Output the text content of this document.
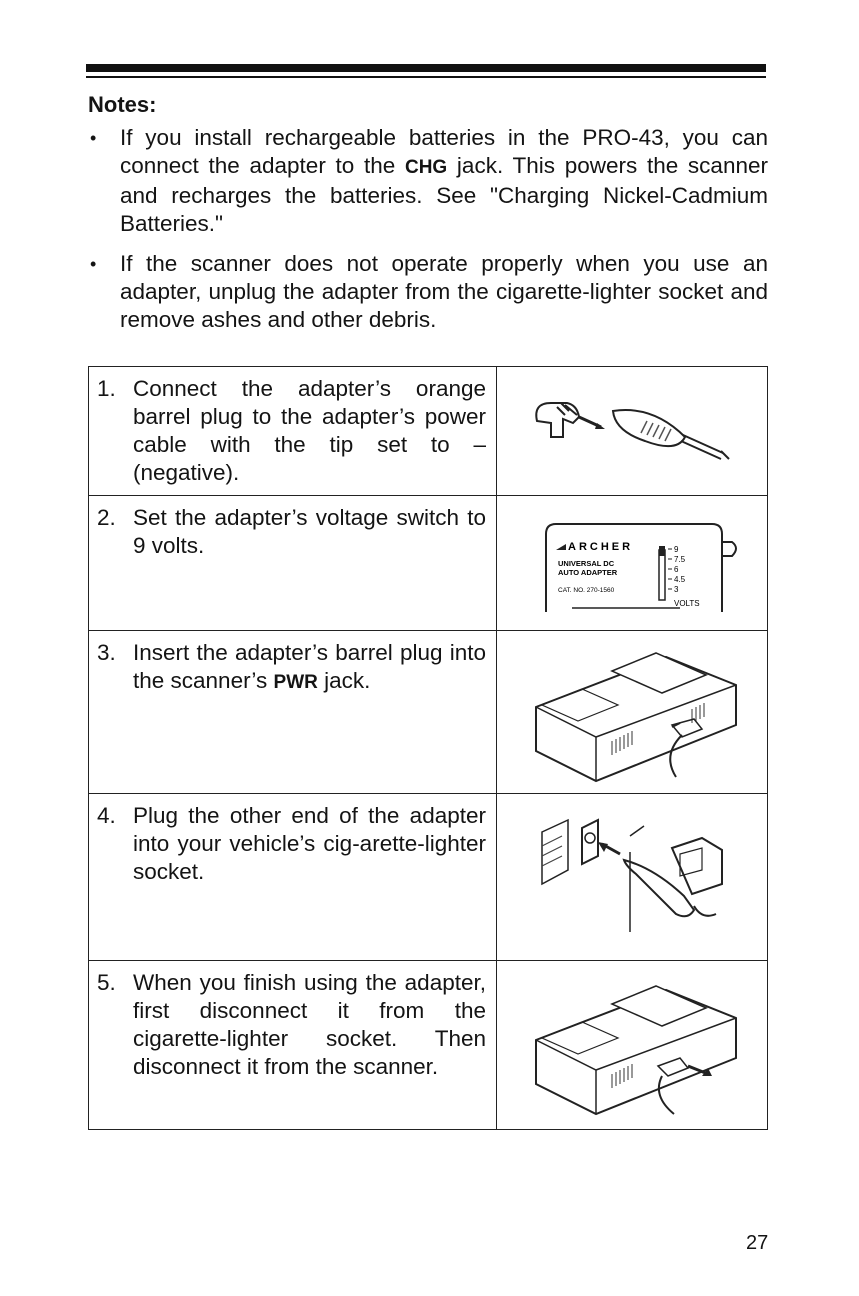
Notes:
• If you install rechargeable batteries in the PRO-43, you can connect the adapter to the CHG jack. This powers the scanner and recharges the batteries. See "Charging Nickel-Cadmium Batteries."
• If the scanner does not operate properly when you use an adapter, unplug the adapter from the cigarette-lighter socket and remove ashes and other debris.
1. Connect the adapter’s orange barrel plug to the adapter’s power cable with the tip set to – (negative).
2. Set the adapter’s voltage switch to 9 volts.	ARCHER
UNIVERSAL DC
AUTO ADAPTER
CAT. NO. 270-1560
9
7.5
6
4.5
3
VOLTS
3. Insert the adapter’s barrel plug into the scanner’s PWR jack.
4. Plug the other end of the adapter into your vehicle’s cig-arette-lighter socket.
5. When you finish using the adapter, first disconnect it from the cigarette-lighter socket. Then disconnect it from the scanner.
27
